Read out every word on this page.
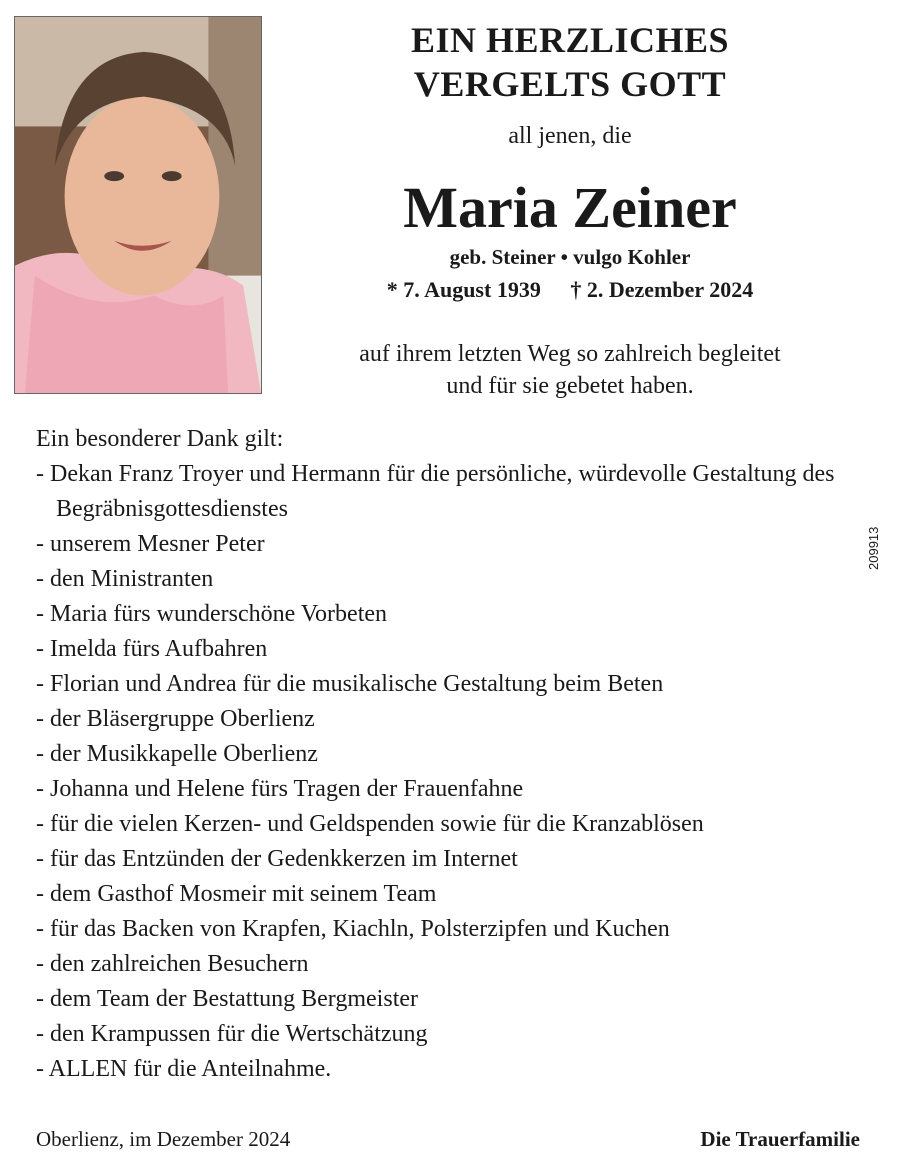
EIN HERZLICHES
VERGELTS GOTT
all jenen, die
Maria Zeiner
geb. Steiner • vulgo Kohler
* 7. August 1939 † 2. Dezember 2024
auf ihrem letzten Weg so zahlreich begleitet
und für sie gebetet haben.
Ein besonderer Dank gilt:
- Dekan Franz Troyer und Hermann für die persönliche, würdevolle Gestaltung des Begräbnisgottesdienstes
- unserem Mesner Peter
- den Ministranten
- Maria fürs wunderschöne Vorbeten
- Imelda fürs Aufbahren
- Florian und Andrea für die musikalische Gestaltung beim Beten
- der Bläsergruppe Oberlienz
- der Musikkapelle Oberlienz
- Johanna und Helene fürs Tragen der Frauenfahne
- für die vielen Kerzen- und Geldspenden sowie für die Kranzablösen
- für das Entzünden der Gedenkkerzen im Internet
- dem Gasthof Mosmeir mit seinem Team
- für das Backen von Krapfen, Kiachln, Polsterzipfen und Kuchen
- den zahlreichen Besuchern
- dem Team der Bestattung Bergmeister
- den Krampussen für die Wertschätzung
- ALLEN für die Anteilnahme.
Oberlienz, im Dezember 2024	Die Trauerfamilie
209913
